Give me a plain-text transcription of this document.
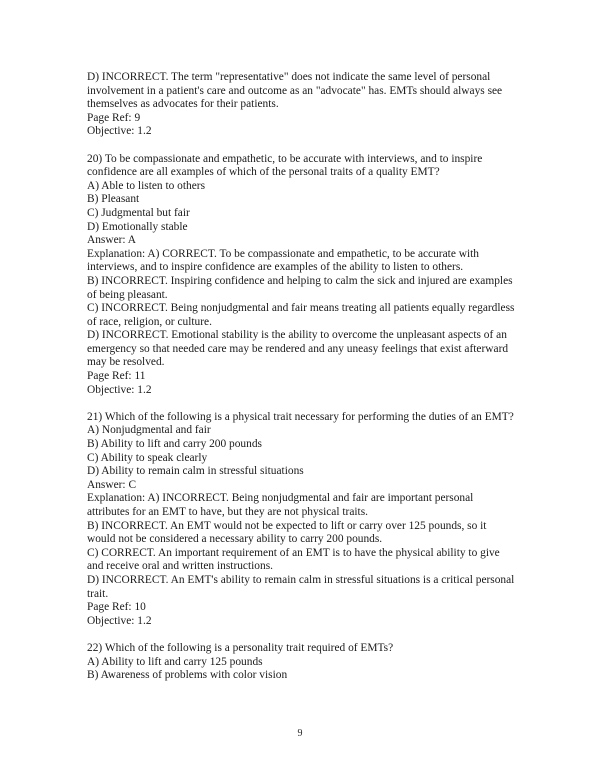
D) INCORRECT. The term "representative" does not indicate the same level of personal involvement in a patient's care and outcome as an "advocate" has. EMTs should always see themselves as advocates for their patients.

Page Ref: 9

Objective: 1.2

20) To be compassionate and empathetic, to be accurate with interviews, and to inspire confidence are all examples of which of the personal traits of a quality EMT?

A) Able to listen to others

B) Pleasant

C) Judgmental but fair

D) Emotionally stable

Answer: A

Explanation: A) CORRECT. To be compassionate and empathetic, to be accurate with interviews, and to inspire confidence are examples of the ability to listen to others.

B) INCORRECT. Inspiring confidence and helping to calm the sick and injured are examples of being pleasant.

C) INCORRECT. Being nonjudgmental and fair means treating all patients equally regardless of race, religion, or culture.

D) INCORRECT. Emotional stability is the ability to overcome the unpleasant aspects of an emergency so that needed care may be rendered and any uneasy feelings that exist afterward may be resolved.

Page Ref: 11

Objective: 1.2

21) Which of the following is a physical trait necessary for performing the duties of an EMT?

A) Nonjudgmental and fair

B) Ability to lift and carry 200 pounds

C) Ability to speak clearly

D) Ability to remain calm in stressful situations

Answer: C

Explanation: A) INCORRECT. Being nonjudgmental and fair are important personal attributes for an EMT to have, but they are not physical traits.

B) INCORRECT. An EMT would not be expected to lift or carry over 125 pounds, so it would not be considered a necessary ability to carry 200 pounds.

C) CORRECT. An important requirement of an EMT is to have the physical ability to give and receive oral and written instructions.

D) INCORRECT. An EMT's ability to remain calm in stressful situations is a critical personal trait.

Page Ref: 10

Objective: 1.2

22) Which of the following is a personality trait required of EMTs?

A) Ability to lift and carry 125 pounds

B) Awareness of problems with color vision

9
